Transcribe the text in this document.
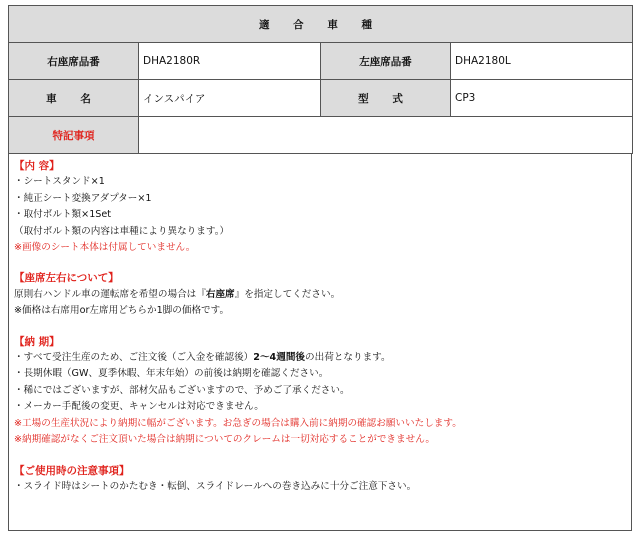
適 合 車 種			
右座席品番	DHA2180R	左座席品番	DHA2180L
車 名	インスパイア	型 式	CP3
特記事項			
【内 容】
・シートスタンド×1
・純正シート変換アダプター×1
・取付ボルト類×1Set
（取付ボルト類の内容は車種により異なります。）
※画像のシート本体は付属していません。
【座席左右について】
原則右ハンドル車の運転席を希望の場合は『右座席』を指定してください。
※価格は右席用or左席用どちらか1脚の価格です。
【納 期】
・すべて受注生産のため、ご注文後（ご入金を確認後）2～4週間後の出荷となります。
・長期休暇（GW、夏季休暇、年末年始）の前後は納期を確認ください。
・稀にではございますが、部材欠品もございますので、予めご了承ください。
・メーカー手配後の変更、キャンセルは対応できません。
※工場の生産状況により納期に幅がございます。お急ぎの場合は購入前に納期の確認お願いいたします。
※納期確認がなくご注文頂いた場合は納期についてのクレームは一切対応することができません。
【ご使用時の注意事項】
・スライド時はシートのかたむき・転倒、スライドレールへの巻き込みに十分ご注意下さい。
